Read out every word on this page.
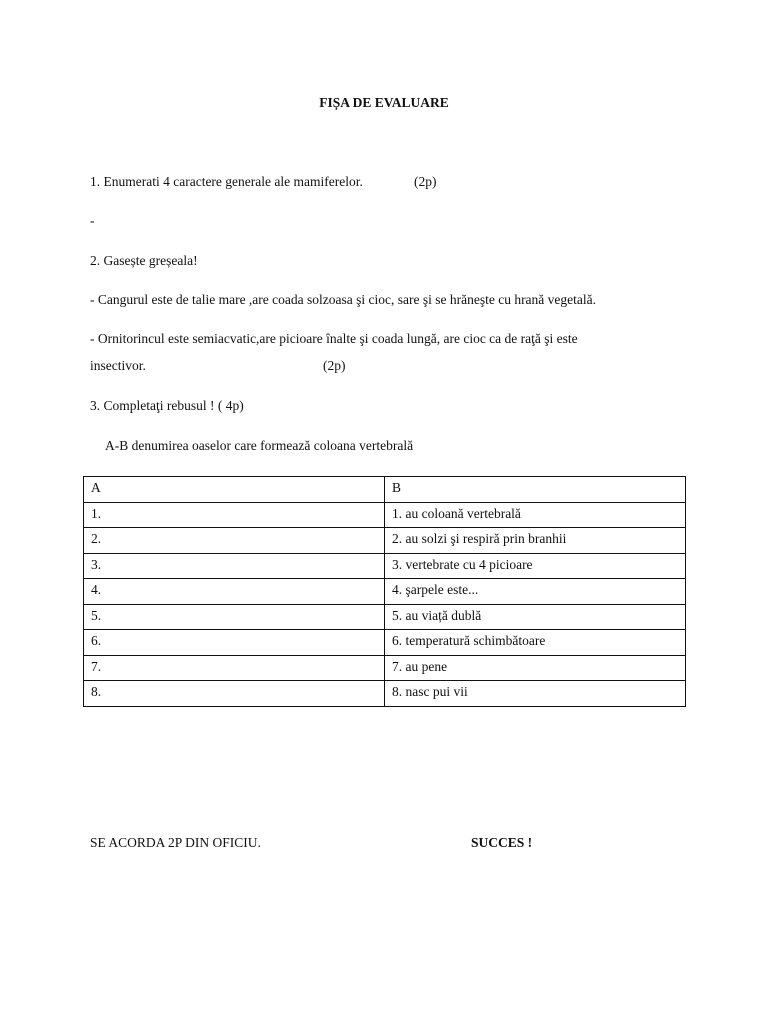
FIȘA DE EVALUARE
1. Enumerati 4 caractere generale ale mamiferelor.	(2p)
-
2. Gasește greșeala!
- Cangurul este de talie mare ,are coada solzoasa şi cioc, sare şi se hrăneşte cu hrană vegetală.
- Ornitorincul este semiacvatic,are picioare înalte şi coada lungă, are cioc ca de raţă şi este
insectivor.	(2p)
3. Completaţi rebusul ! ( 4p)
A-B denumirea oaselor care formează coloana vertebrală
A	B
1.	1. au coloană vertebrală
2.	2. au solzi şi respiră prin branhii
3.	3. vertebrate cu 4 picioare
4.	4. şarpele este...
5.	5. au viață dublă
6.	6. temperatură schimbătoare
7.	7. au pene
8.	8. nasc pui vii
SE ACORDA 2P DIN OFICIU.	SUCCES !
